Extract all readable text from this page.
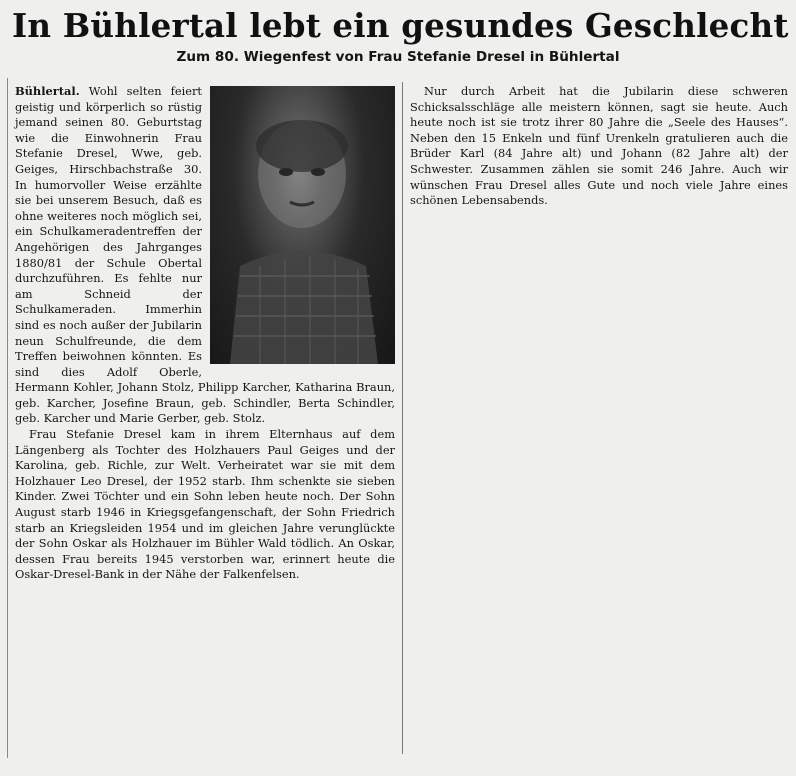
In Bühlertal lebt ein gesundes Geschlecht
Zum 80. Wiegenfest von Frau Stefanie Dresel in Bühlertal

Bühlertal. Wohl selten feiert geistig und körperlich so rüstig jemand seinen 80. Geburtstag wie die Einwohnerin Frau Stefanie Dresel, Wwe, geb. Geiges, Hirschbachstraße 30. In humorvoller Weise erzählte sie bei unserem Besuch, daß es ohne weiteres noch möglich sei, ein Schulkameradentreffen der Angehörigen des Jahrganges 1880/81 der Schule Obertal durchzuführen. Es fehlte nur am Schneid der Schulkameraden. Immerhin sind es noch außer der Jubilarin neun Schulfreunde, die dem Treffen beiwohnen könnten. Es sind dies Adolf Oberle, Hermann Kohler, Johann Stolz, Philipp Karcher, Katharina Braun, geb. Karcher, Josefine Braun, geb. Schindler, Berta Schindler, geb. Karcher und Marie Gerber, geb. Stolz.

Frau Stefanie Dresel kam in ihrem Elternhaus auf dem Längenberg als Tochter des Holzhauers Paul Geiges und der Karolina, geb. Richle, zur Welt. Verheiratet war sie mit dem Holzhauer Leo Dresel, der 1952 starb. Ihm schenkte sie sieben Kinder. Zwei Töchter und ein Sohn leben heute noch. Der Sohn August starb 1946 in Kriegsgefangenschaft, der Sohn Friedrich starb an Kriegsleiden 1954 und im gleichen Jahre verunglückte der Sohn Oskar als Holzhauer im Bühler Wald tödlich. An Oskar, dessen Frau bereits 1945 verstorben war, erinnert heute die Oskar-Dresel-Bank in der Nähe der Falkenfelsen.

Nur durch Arbeit hat die Jubilarin diese schweren Schicksalsschläge alle meistern können, sagt sie heute. Auch heute noch ist sie trotz ihrer 80 Jahre die „Seele des Hauses“. Neben den 15 Enkeln und fünf Urenkeln gratulieren auch die Brüder Karl (84 Jahre alt) und Johann (82 Jahre alt) der Schwester. Zusammen zählen sie somit 246 Jahre. Auch wir wünschen Frau Dresel alles Gute und noch viele Jahre eines schönen Lebensabends.
